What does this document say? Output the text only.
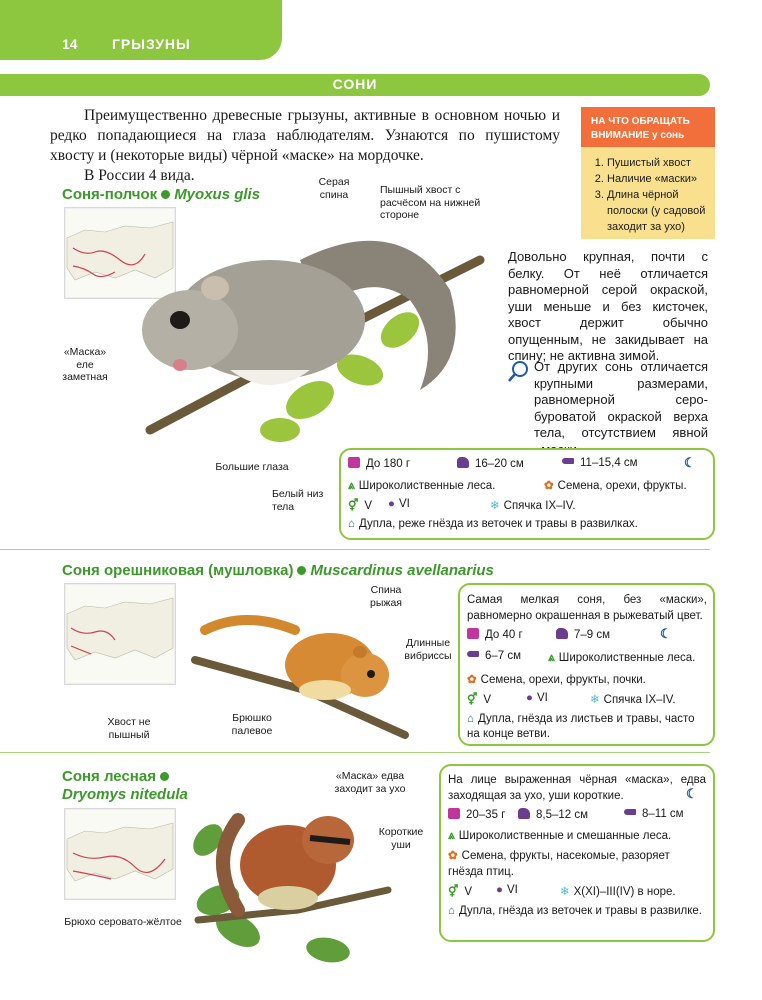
14 ГРЫЗУНЫ
СОНИ

Преимущественно древесные грызуны, активные в основном ночью и редко попадающиеся на глаза наблюдателям. Узнаются по пушистому хвосту и (некоторые виды) чёрной «маске» на мордочке.

В России 4 вида.

НА ЧТО ОБРАЩАТЬ ВНИМАНИЕ у сонь
1. Пушистый хвост
2. Наличие «маски»
3. Длина чёрной полоски (у садовой заходит за ухо)
Соня-полчок Myoxus glis
Серая спина	Пышный хвост с расчёсом на нижней стороне
«Маска» еле заметная
Большие глаза
Белый низ тела
Довольно крупная, почти с белку. От неё отличается равномерной серой окраской, уши меньше и без кисточек, хвост держит обычно опущенным, не закидывает на спину; не активна зимой.
От других сонь отличается крупными размерами, равномерной серо-буроватой окраской верха тела, отсутствием явной
До 180 г	16–20 см	11–15,4 см	☾
⩓ Широколиственные леса.	✿ Семена, орехи, фрукты.
⚥ V ● VI	❄ Спячка IX–IV.
⌂ Дупла, реже гнёзда из веточек и травы в развилках.
Соня орешниковая (мушловка) Muscardinus avellanarius
Спина рыжая
Длинные вибриссы
Хвост не пышный
Брюшко палевое
Самая мелкая соня, без «маски», равномерно окрашенная в рыжеватый цвет.
До 40 г	7–9 см	☾
6–7 см ⩓ Широколиственные леса.
✿ Семена, орехи, фрукты, почки.
⚥ V	● VI	❄ Спячка IX–IV.
⌂ Дупла, гнёзда из листьев и травы, часто на конце ветви.
Соня лесная
Dryomys nitedula
«Маска» едва заходит за ухо
Короткие уши
Брюхо серовато-жёлтое
На лице выраженная чёрная «маска», едва заходящая за ухо, уши короткие.	☾
20–35 г	8,5–12 см	8–11 см
⩓ Широколиственные и смешанные леса.
✿ Семена, фрукты, насекомые, разоряет гнёзда птиц.
⚥ V ● VI	❄ X(XI)–III(IV) в норе.
⌂ Дупла, гнёзда из веточек и травы в развилке.
